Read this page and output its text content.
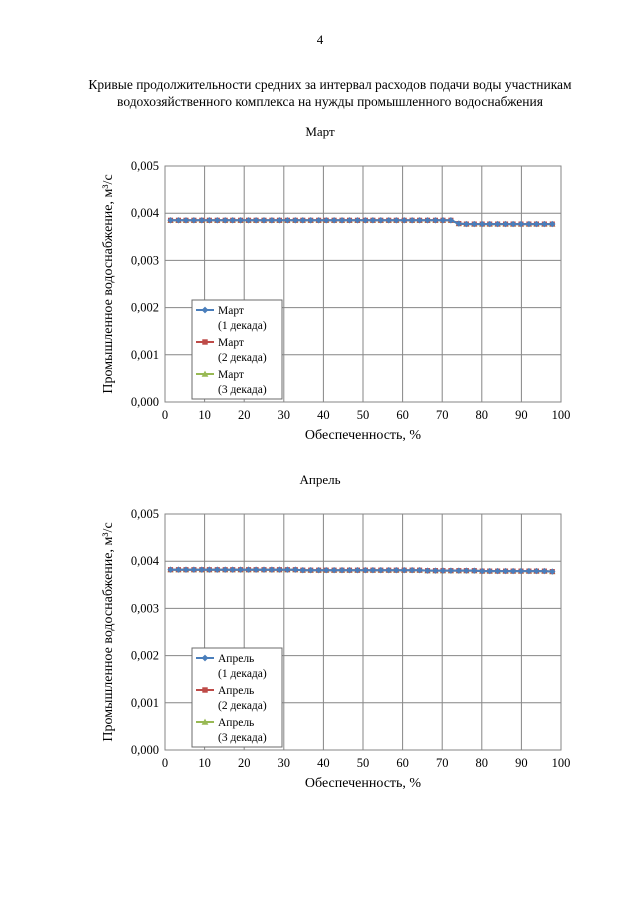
4
Кривые продолжительности средних за интервал расходов подачи воды участникам
водохозяйственного комплекса на нужды промышленного водоснабжения
Март
0 10 20 30 40 50 60 70 80 90 100
0,000
0,001
0,002
0,003
0,004
0,005
Обеспеченность, %
Промышленное водоснабжение, м³/с	Март
(1 декада)
Март
(2 декада)
Март
(3 декада)
Апрель
0 10 20 30 40 50 60 70 80 90 100
0,000
0,001
0,002
0,003
0,004
0,005
Обеспеченность, %
Промышленное водоснабжение, м³/с	Апрель
(1 декада)
Апрель
(2 декада)
Апрель
(3 декада)
